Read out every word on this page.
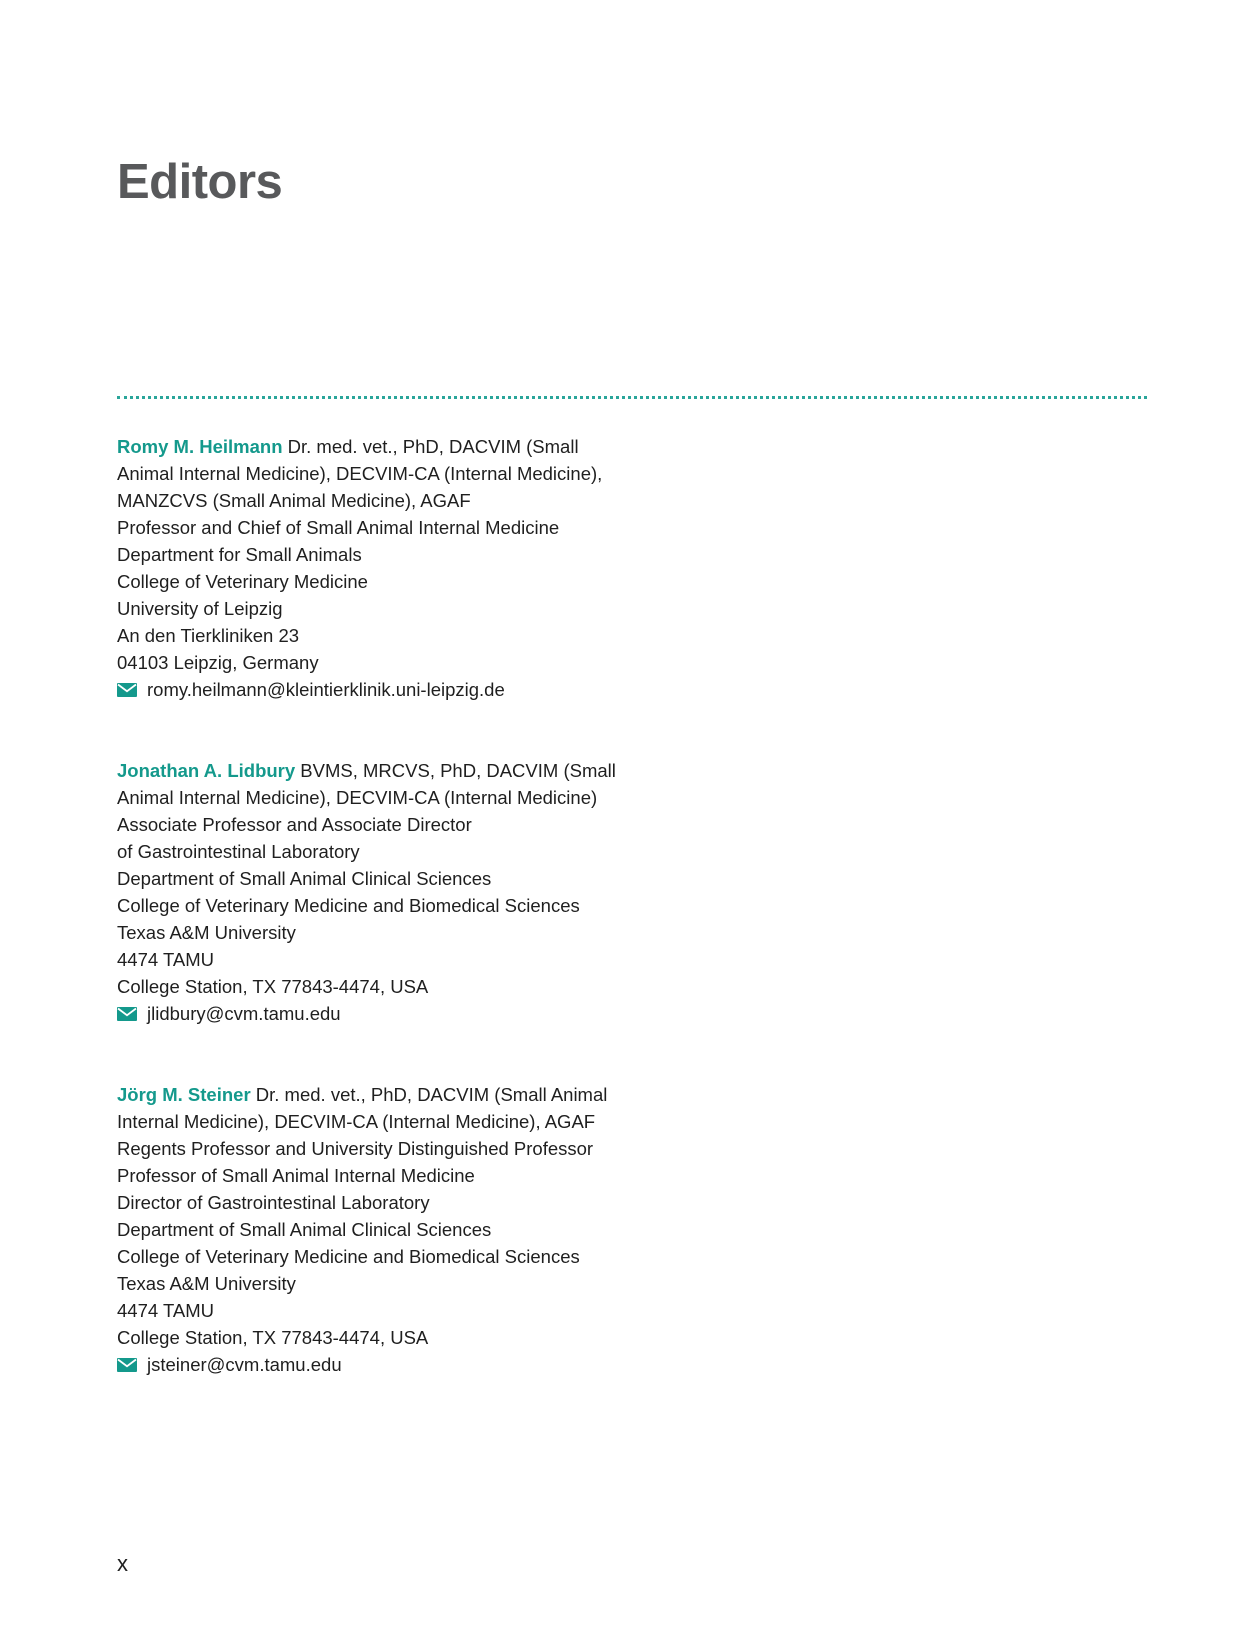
Editors
Romy M. Heilmann Dr. med. vet., PhD, DACVIM (Small
Animal Internal Medicine), DECVIM-CA (Internal Medicine),
MANZCVS (Small Animal Medicine), AGAF
Professor and Chief of Small Animal Internal Medicine
Department for Small Animals
College of Veterinary Medicine
University of Leipzig
An den Tierkliniken 23
04103 Leipzig, Germany
romy.heilmann@kleintierklinik.uni-leipzig.de
Jonathan A. Lidbury BVMS, MRCVS, PhD, DACVIM (Small
Animal Internal Medicine), DECVIM-CA (Internal Medicine)
Associate Professor and Associate Director
of Gastrointestinal Laboratory
Department of Small Animal Clinical Sciences
College of Veterinary Medicine and Biomedical Sciences
Texas A&M University
4474 TAMU
College Station, TX 77843-4474, USA
jlidbury@cvm.tamu.edu
Jörg M. Steiner Dr. med. vet., PhD, DACVIM (Small Animal
Internal Medicine), DECVIM-CA (Internal Medicine), AGAF
Regents Professor and University Distinguished Professor
Professor of Small Animal Internal Medicine
Director of Gastrointestinal Laboratory
Department of Small Animal Clinical Sciences
College of Veterinary Medicine and Biomedical Sciences
Texas A&M University
4474 TAMU
College Station, TX 77843-4474, USA
jsteiner@cvm.tamu.edu
x
